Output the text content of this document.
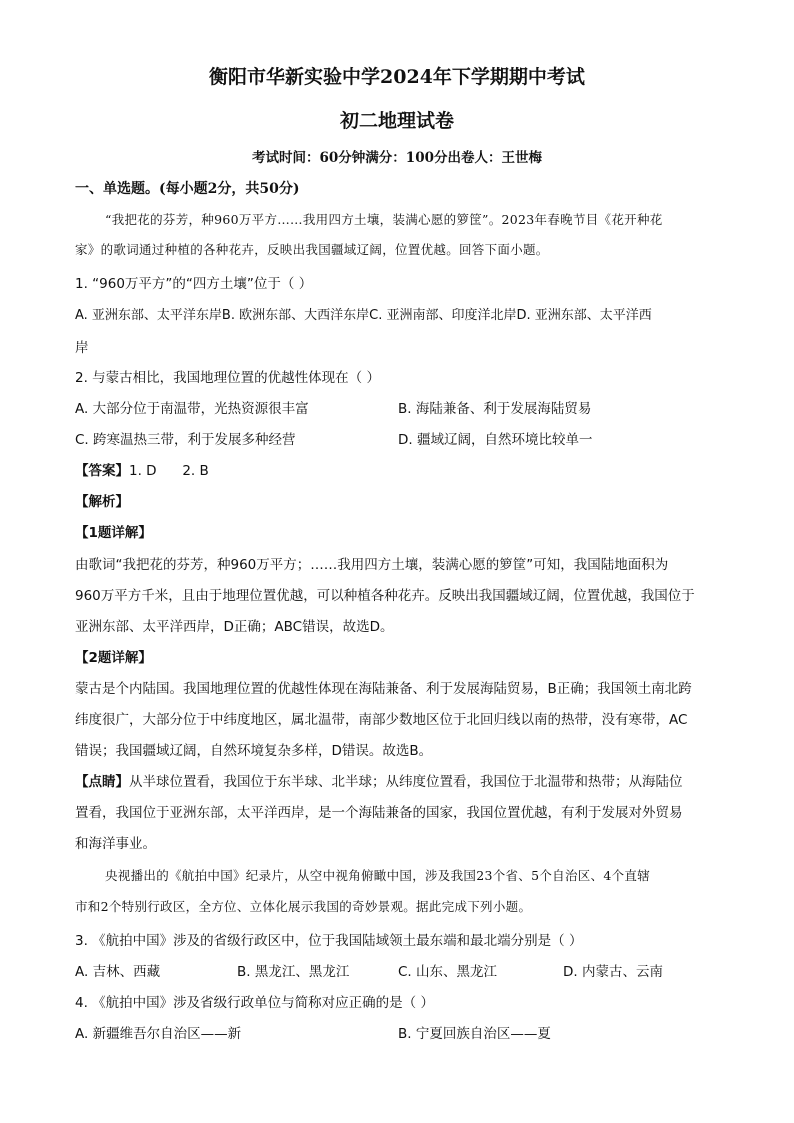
衡阳市华新实验中学2024年下学期期中考试
初二地理试卷
考试时间：60分钟满分：100分出卷人：王世梅
一、单选题。(每小题2分，共50分)
“我把花的芬芳，种960万平方……我用四方土壤，装满心愿的箩筐”。2023年春晚节目《花开种花
家》的歌词通过种植的各种花卉，反映出我国疆域辽阔，位置优越。回答下面小题。
1. “960万平方”的“四方土壤”位于（ ）
A. 亚洲东部、太平洋东岸B. 欧洲东部、大西洋东岸C. 亚洲南部、印度洋北岸D. 亚洲东部、太平洋西
岸
2. 与蒙古相比，我国地理位置的优越性体现在（ ）
A. 大部分位于南温带，光热资源很丰富	B. 海陆兼备、利于发展海陆贸易
C. 跨寒温热三带，利于发展多种经营	D. 疆域辽阔，自然环境比较单一
【答案】1. D      2. B
【解析】
【1题详解】
由歌词“我把花的芬芳，种960万平方；……我用四方土壤，装满心愿的箩筐”可知，我国陆地面积为
960万平方千米，且由于地理位置优越，可以种植各种花卉。反映出我国疆域辽阔，位置优越，我国位于
亚洲东部、太平洋西岸，D正确；ABC错误，故选D。
【2题详解】
蒙古是个内陆国。我国地理位置的优越性体现在海陆兼备、利于发展海陆贸易，B正确；我国领土南北跨
纬度很广，大部分位于中纬度地区，属北温带，南部少数地区位于北回归线以南的热带，没有寒带，AC
错误；我国疆域辽阔，自然环境复杂多样，D错误。故选B。
【点睛】从半球位置看，我国位于东半球、北半球；从纬度位置看，我国位于北温带和热带；从海陆位
置看，我国位于亚洲东部，太平洋西岸，是一个海陆兼备的国家，我国位置优越，有利于发展对外贸易
和海洋事业。
央视播出的《航拍中国》纪录片，从空中视角俯瞰中国，涉及我国23个省、5个自治区、4个直辖
市和2个特别行政区，全方位、立体化展示我国的奇妙景观。据此完成下列小题。
3. 《航拍中国》涉及的省级行政区中，位于我国陆域领土最东端和最北端分别是（ ）
A. 吉林、西藏	B. 黑龙江、黑龙江	C. 山东、黑龙江	D. 内蒙古、云南
4. 《航拍中国》涉及省级行政单位与简称对应正确的是（ ）
A. 新疆维吾尔自治区——新	B. 宁夏回族自治区——夏
